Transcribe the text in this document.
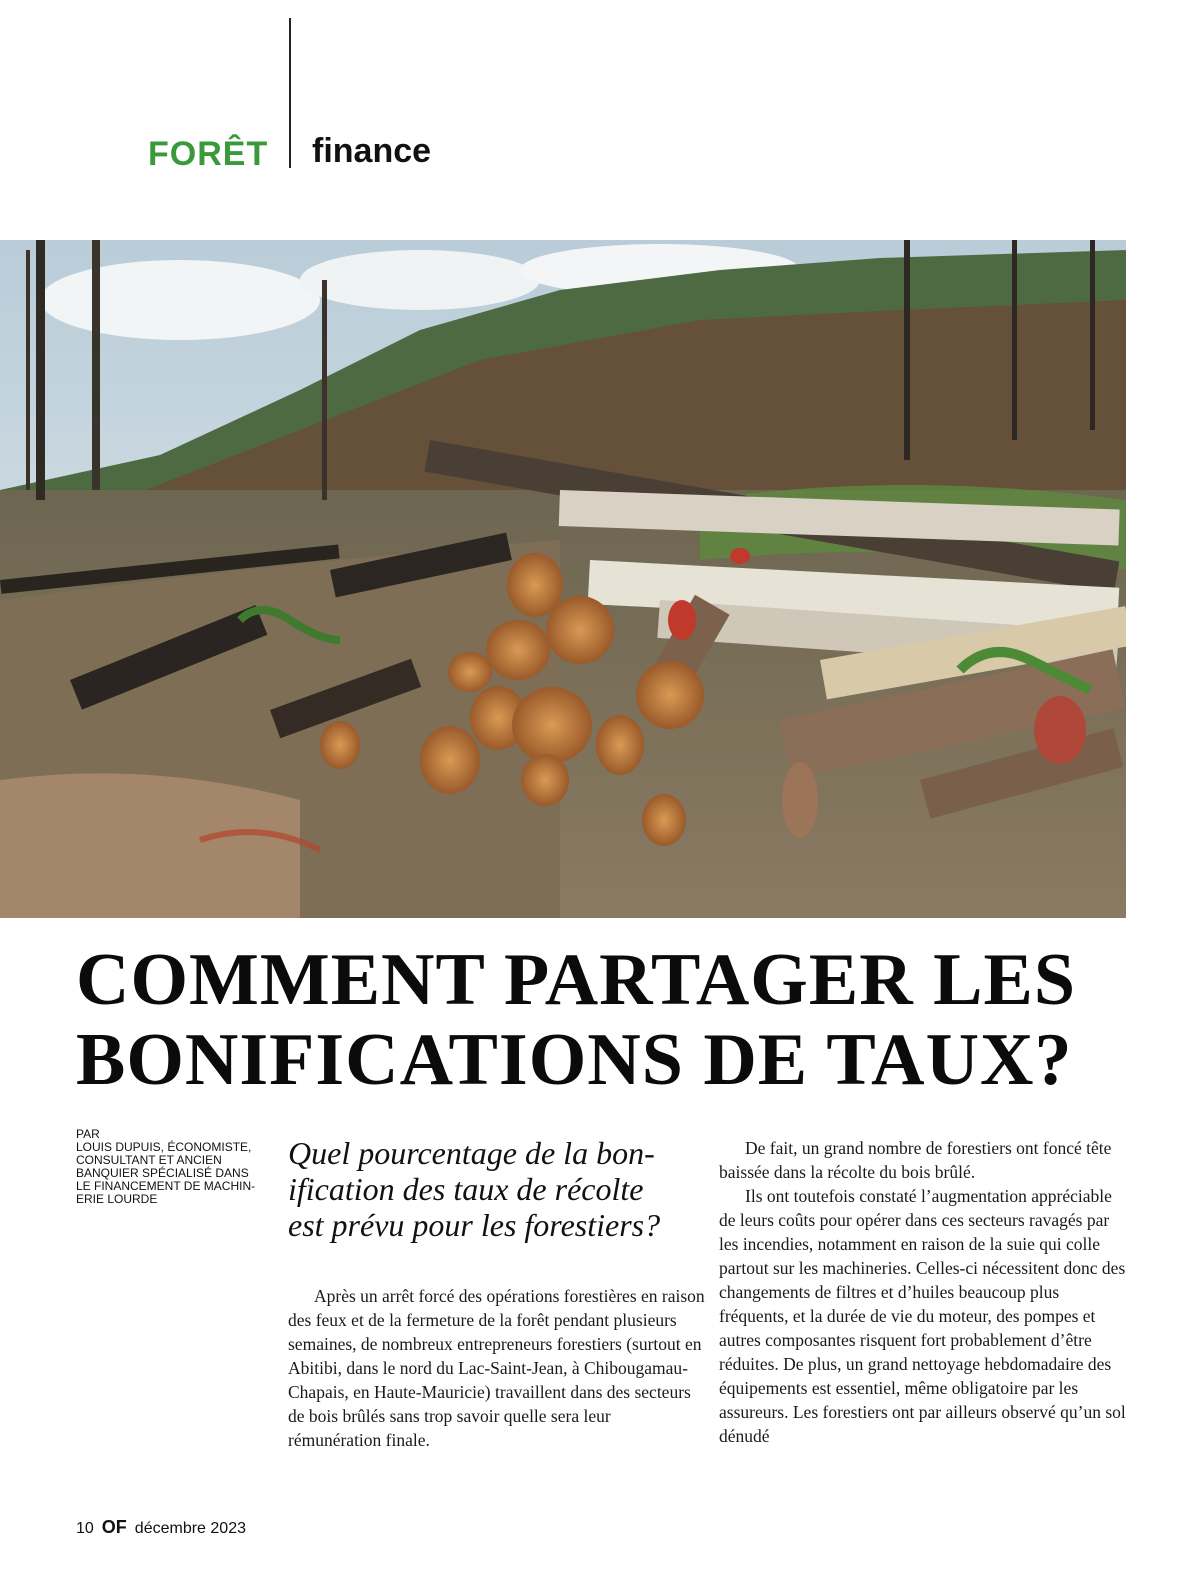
FORÊT finance
COMMENT PARTAGER LES
BONIFICATIONS DE TAUX?
PAR
LOUIS DUPUIS, ÉCONOMISTE,
CONSULTANT ET ANCIEN
BANQUIER SPÉCIALISÉ DANS
LE FINANCEMENT DE MACHIN-
ERIE LOURDE
Quel pourcentage de la bon-
ification des taux de récolte
est prévu pour les forestiers?

Après un arrêt forcé des opérations forestières en raison des feux et de la fermeture de la forêt pendant plusieurs semaines, de nombreux entrepreneurs forestiers (surtout en Abitibi, dans le nord du Lac-Saint-Jean, à Chibougamau-Chapais, en Haute-Mauricie) travaillent dans des secteurs de bois brûlés sans trop savoir quelle sera leur rémunération finale.

De fait, un grand nombre de forestiers ont foncé tête baissée dans la récolte du bois brûlé.

Ils ont toutefois constaté l’augmentation appréciable de leurs coûts pour opérer dans ces secteurs ravagés par les incendies, notamment en raison de la suie qui colle partout sur les machineries. Celles-ci nécessitent donc des changements de filtres et d’huiles beaucoup plus fréquents, et la durée de vie du moteur, des pompes et autres composantes risquent fort probablement d’être réduites. De plus, un grand nettoyage hebdomadaire des équipements est essentiel, même obligatoire par les assureurs. Les forestiers ont par ailleurs observé qu’un sol dénudé

10 OF décembre 2023
